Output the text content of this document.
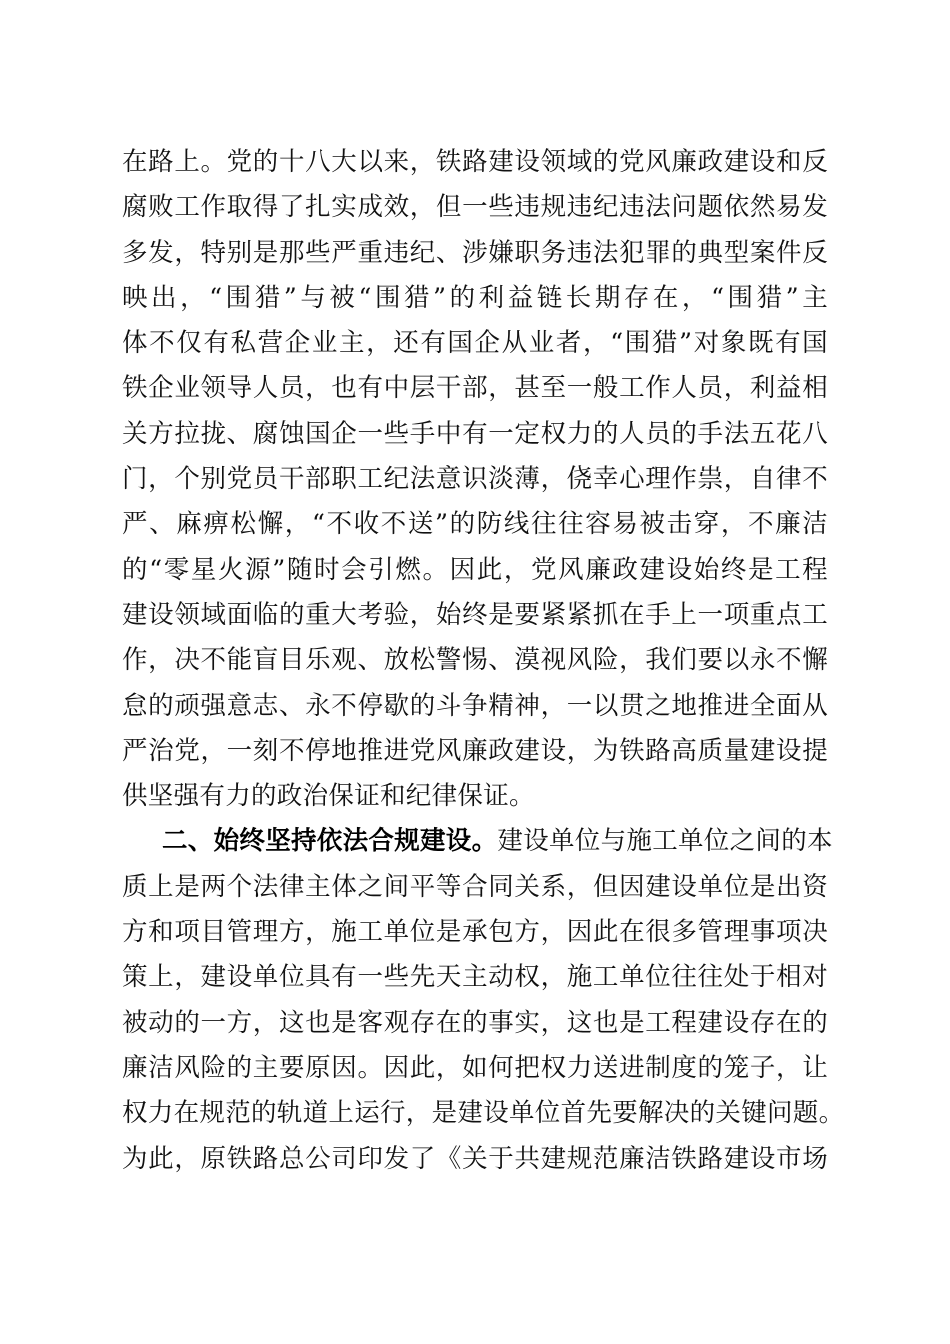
在路上。党的十八大以来，铁路建设领域的党风廉政建设和反
腐败工作取得了扎实成效，但一些违规违纪违法问题依然易发
多发，特别是那些严重违纪、涉嫌职务违法犯罪的典型案件反
映出，“围猎”与被“围猎”的利益链长期存在，“围猎”主
体不仅有私营企业主，还有国企从业者，“围猎”对象既有国
铁企业领导人员，也有中层干部，甚至一般工作人员，利益相
关方拉拢、腐蚀国企一些手中有一定权力的人员的手法五花八
门，个别党员干部职工纪法意识淡薄，侥幸心理作祟，自律不
严、麻痹松懈，“不收不送”的防线往往容易被击穿，不廉洁
的“零星火源”随时会引燃。因此，党风廉政建设始终是工程
建设领域面临的重大考验，始终是要紧紧抓在手上一项重点工
作，决不能盲目乐观、放松警惕、漠视风险，我们要以永不懈
怠的顽强意志、永不停歇的斗争精神，一以贯之地推进全面从
严治党，一刻不停地推进党风廉政建设，为铁路高质量建设提
供坚强有力的政治保证和纪律保证。
二、始终坚持依法合规建设。建设单位与施工单位之间的本
质上是两个法律主体之间平等合同关系，但因建设单位是出资
方和项目管理方，施工单位是承包方，因此在很多管理事项决
策上，建设单位具有一些先天主动权，施工单位往往处于相对
被动的一方，这也是客观存在的事实，这也是工程建设存在的
廉洁风险的主要原因。因此，如何把权力送进制度的笼子，让
权力在规范的轨道上运行，是建设单位首先要解决的关键问题。
为此，原铁路总公司印发了《关于共建规范廉洁铁路建设市场
